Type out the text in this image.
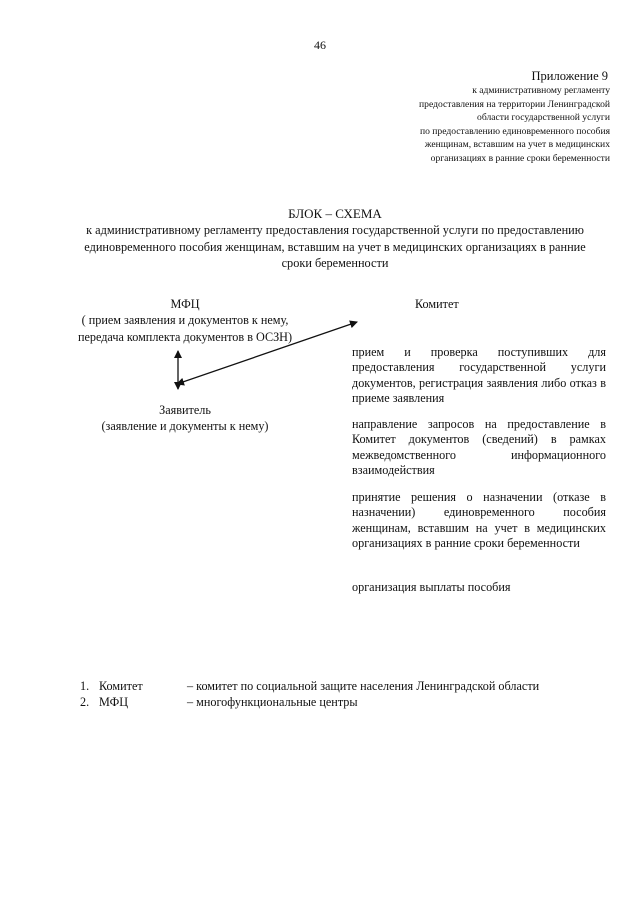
46
Приложение 9
к административному регламенту
предоставления на территории Ленинградской
области государственной услуги
по предоставлению единовременного пособия
женщинам, вставшим на учет в медицинских
организациях в ранние сроки беременности
БЛОК – СХЕМА
к административному регламенту предоставления государственной услуги по предоставлению
единовременного пособия женщинам, вставшим на учет в медицинских организациях в ранние
сроки беременности
МФЦ
( прием заявления и документов к нему,
передача комплекта документов в ОСЗН)
Заявитель
(заявление и документы к нему)
Комитет
прием и проверка поступивших для предоставления государственной услуги документов, регистрация заявления либо отказ в приеме заявления
направление запросов на предоставление в Комитет документов (сведений) в рамках межведомственного информационного взаимодействия
принятие решения о назначении (отказе в назначении) единовременного пособия женщинам, вставшим на учет в медицинских организациях в ранние сроки беременности
организация выплаты пособия
1. Комитет	– комитет по социальной защите населения Ленинградской области
2. МФЦ	– многофункциональные центры
